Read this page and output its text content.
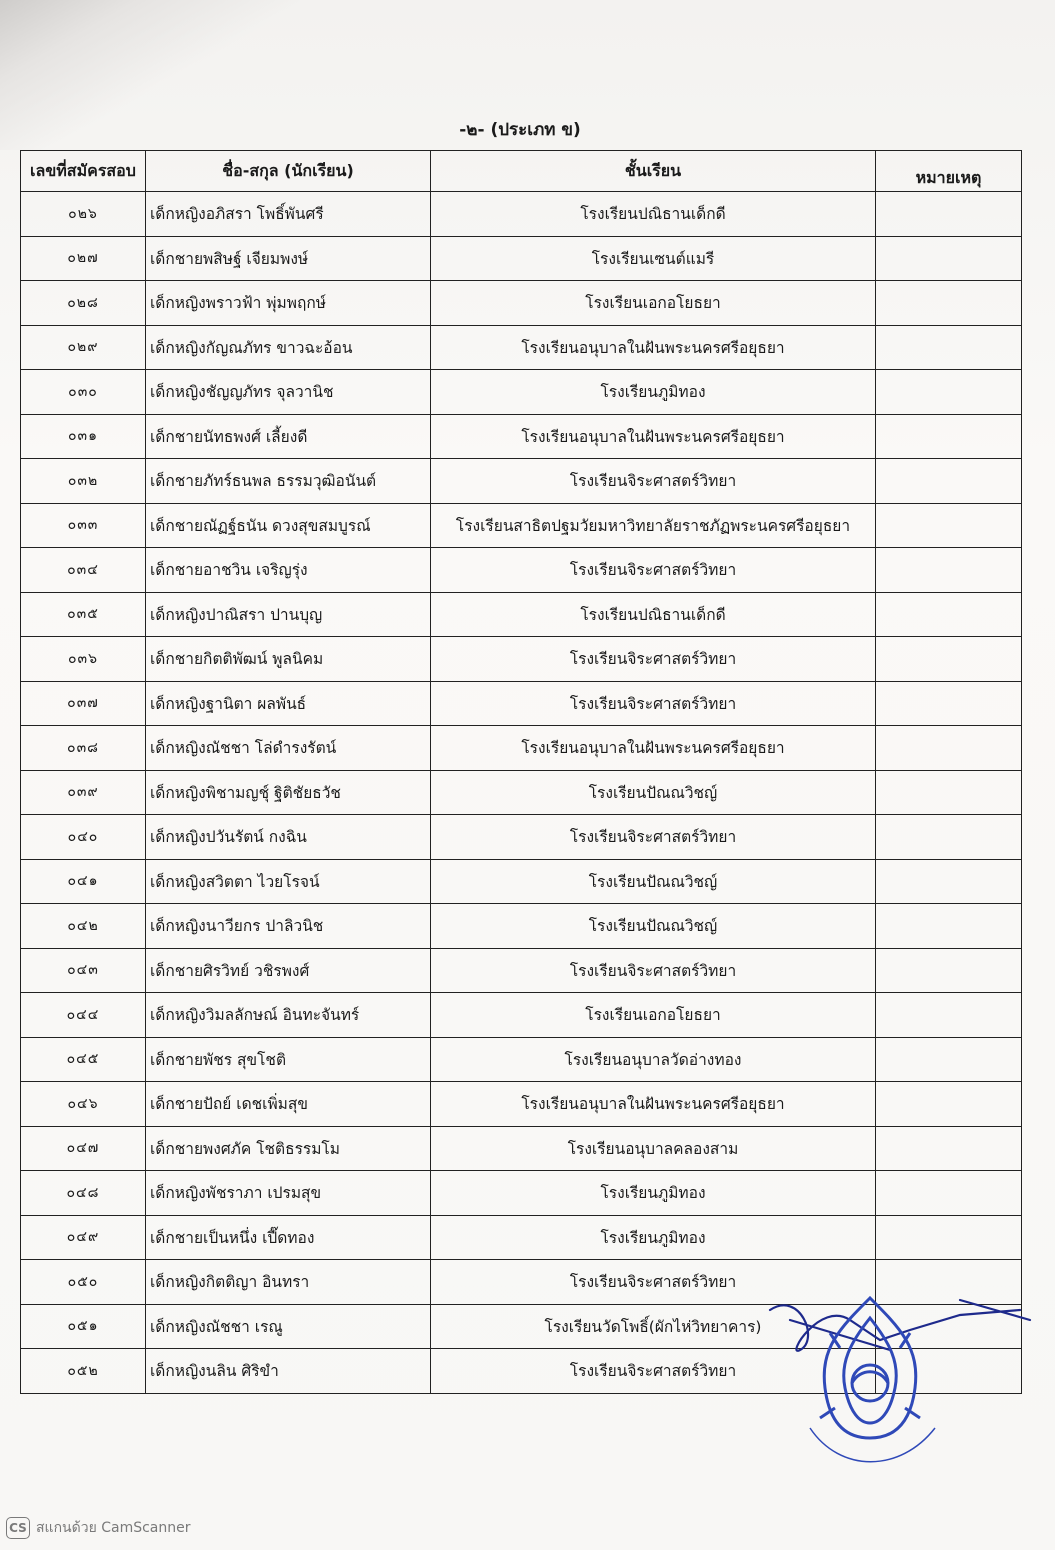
-๒- (ประเภท ข)
เลขที่สมัครสอบ	ชื่อ-สกุล (นักเรียน)	ชั้นเรียน	หมายเหตุ
๐๒๖	เด็กหญิงอภิสรา โพธิ์พันศรี	โรงเรียนปณิธานเด็กดี	
๐๒๗	เด็กชายพสิษฐ์ เจียมพงษ์	โรงเรียนเซนต์แมรี	
๐๒๘	เด็กหญิงพราวฟ้า พุ่มพฤกษ์	โรงเรียนเอกอโยธยา	
๐๒๙	เด็กหญิงกัญณภัทร ขาวฉะอ้อน	โรงเรียนอนุบาลในฝันพระนครศรีอยุธยา	
๐๓๐	เด็กหญิงชัญญภัทร จุลวานิช	โรงเรียนภูมิทอง	
๐๓๑	เด็กชายนัทธพงศ์ เลี้ยงดี	โรงเรียนอนุบาลในฝันพระนครศรีอยุธยา	
๐๓๒	เด็กชายภัทร์ธนพล ธรรมวุฒิอนันต์	โรงเรียนจิระศาสตร์วิทยา	
๐๓๓	เด็กชายณัฏฐ์ธนัน ดวงสุขสมบูรณ์	โรงเรียนสาธิตปฐมวัยมหาวิทยาลัยราชภัฏพระนครศรีอยุธยา	
๐๓๔	เด็กชายอาชวิน เจริญรุ่ง	โรงเรียนจิระศาสตร์วิทยา	
๐๓๕	เด็กหญิงปาณิสรา ปานบุญ	โรงเรียนปณิธานเด็กดี	
๐๓๖	เด็กชายกิตติพัฒน์ พูลนิคม	โรงเรียนจิระศาสตร์วิทยา	
๐๓๗	เด็กหญิงฐานิตา ผลพันธ์	โรงเรียนจิระศาสตร์วิทยา	
๐๓๘	เด็กหญิงณัชชา โล่ดำรงรัตน์	โรงเรียนอนุบาลในฝันพระนครศรีอยุธยา	
๐๓๙	เด็กหญิงพิชามญชุ์ ฐิติชัยธวัช	โรงเรียนปัณณวิชญ์	
๐๔๐	เด็กหญิงปวันรัตน์ กงฉิน	โรงเรียนจิระศาสตร์วิทยา	
๐๔๑	เด็กหญิงสวิตตา ไวยโรจน์	โรงเรียนปัณณวิชญ์	
๐๔๒	เด็กหญิงนาวียกร ปาลิวนิช	โรงเรียนปัณณวิชญ์	
๐๔๓	เด็กชายศิรวิทย์ วชิรพงศ์	โรงเรียนจิระศาสตร์วิทยา	
๐๔๔	เด็กหญิงวิมลลักษณ์ อินทะจันทร์	โรงเรียนเอกอโยธยา	
๐๔๕	เด็กชายพัชร สุขโชติ	โรงเรียนอนุบาลวัดอ่างทอง	
๐๔๖	เด็กชายปัถย์ เดชเพิ่มสุข	โรงเรียนอนุบาลในฝันพระนครศรีอยุธยา	
๐๔๗	เด็กชายพงศภัค โชติธรรมโม	โรงเรียนอนุบาลคลองสาม	
๐๔๘	เด็กหญิงพัชราภา เปรมสุข	โรงเรียนภูมิทอง	
๐๔๙	เด็กชายเป็นหนึ่ง เปี๊ดทอง	โรงเรียนภูมิทอง	
๐๕๐	เด็กหญิงกิตติญา อินทรา	โรงเรียนจิระศาสตร์วิทยา	
๐๕๑	เด็กหญิงณัชชา เรณู	โรงเรียนวัดโพธิ์(ผักไห่วิทยาคาร)	
๐๕๒	เด็กหญิงนลิน ศิริขำ	โรงเรียนจิระศาสตร์วิทยา	
CS สแกนด้วย CamScanner
